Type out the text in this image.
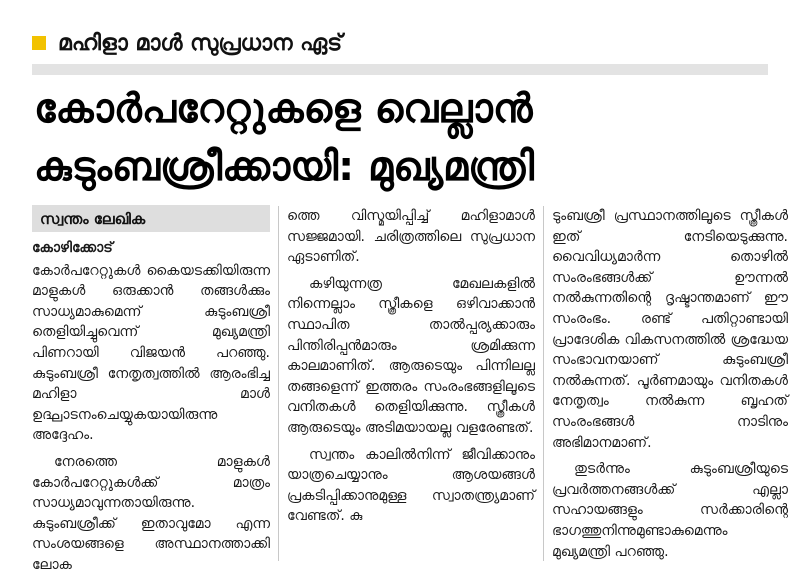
മഹിളാ മാൾ സുപ്രധാന ഏട്
കോർപറേറ്റുകളെ വെല്ലാൻ
കുടുംബശ്രീക്കായി: മുഖ്യമന്ത്രി
സ്വന്തം ലേഖിക
കോഴിക്കോട്

കോർപറേറ്റുകൾ കൈയടക്കിയിരുന്ന മാളുകൾ ഒരുക്കാൻ തങ്ങൾക്കും സാധ്യമാകുമെന്ന് കുടുംബശ്രീ തെളിയിച്ചുവെന്ന് മുഖ്യമന്ത്രി പിണറായി വിജയൻ പറഞ്ഞു. കുടുംബശ്രീ നേതൃത്വത്തിൽ ആരംഭിച്ച മഹിളാ മാൾ ഉദ്ഘാടനംചെയ്യുകയായിരുന്നു അദ്ദേഹം.

നേരത്തെ മാളുകൾ കോർപറേറ്റുകൾക്ക് മാത്രം സാധ്യമാവുന്നതായിരുന്നു. കുടുംബശ്രീക്ക് ഇതാവുമോ എന്ന സംശയങ്ങളെ അസ്ഥാനത്താക്കി ലോക

ത്തെ വിസ്മയിപ്പിച്ച് മഹിളാമാൾ സജ്ജമായി. ചരിത്രത്തിലെ സുപ്രധാന ഏടാണിത്.

കഴിയുന്നത്ര മേഖലകളിൽ നിന്നെല്ലാം സ്ത്രീകളെ ഒഴിവാക്കാൻ സ്ഥാപിത താൽപ്പര്യക്കാരും പിന്തിരിപ്പൻമാരും ശ്രമിക്കുന്ന കാലമാണിത്. ആരുടെയും പിന്നിലല്ല തങ്ങളെന്ന് ഇത്തരം സംരംഭങ്ങളിലൂടെ വനിതകൾ തെളിയിക്കുന്നു. സ്ത്രീകൾ ആരുടെയും അടിമയായല്ല വളരേണ്ടത്.

സ്വന്തം കാലിൽനിന്ന് ജീവിക്കാനും യാത്രചെയ്യാനും ആശയങ്ങൾ പ്രകടിപ്പിക്കാനുമുള്ള സ്വാതന്ത്ര്യമാണ് വേണ്ടത്. കു

ടുംബശ്രീ പ്രസ്ഥാനത്തിലൂടെ സ്ത്രീകൾ ഇത് നേടിയെടുക്കുന്നു. വൈവിധ്യമാർന്ന തൊഴിൽ സംരംഭങ്ങൾക്ക് ഊന്നൽ നൽകുന്നതിന്റെ ദൃഷ്ടാന്തമാണ് ഈ സംരംഭം. രണ്ട് പതിറ്റാണ്ടായി പ്രാദേശിക വികസനത്തിൽ ശ്രദ്ധേയ സംഭാവനയാണ് കുടുംബശ്രീ നൽകുന്നത്. പൂർണമായും വനിതകൾ നേതൃത്വം നൽകുന്ന ബൃഹത് സംരംഭങ്ങൾ നാടിനും അഭിമാനമാണ്.

തുടർന്നും കുടുംബശ്രീയുടെ പ്രവർത്തനങ്ങൾക്ക് എല്ലാ സഹായങ്ങളും സർക്കാരിന്റെ ഭാഗത്തുനിന്നുമുണ്ടാകുമെന്നും മുഖ്യമന്ത്രി പറഞ്ഞു.
